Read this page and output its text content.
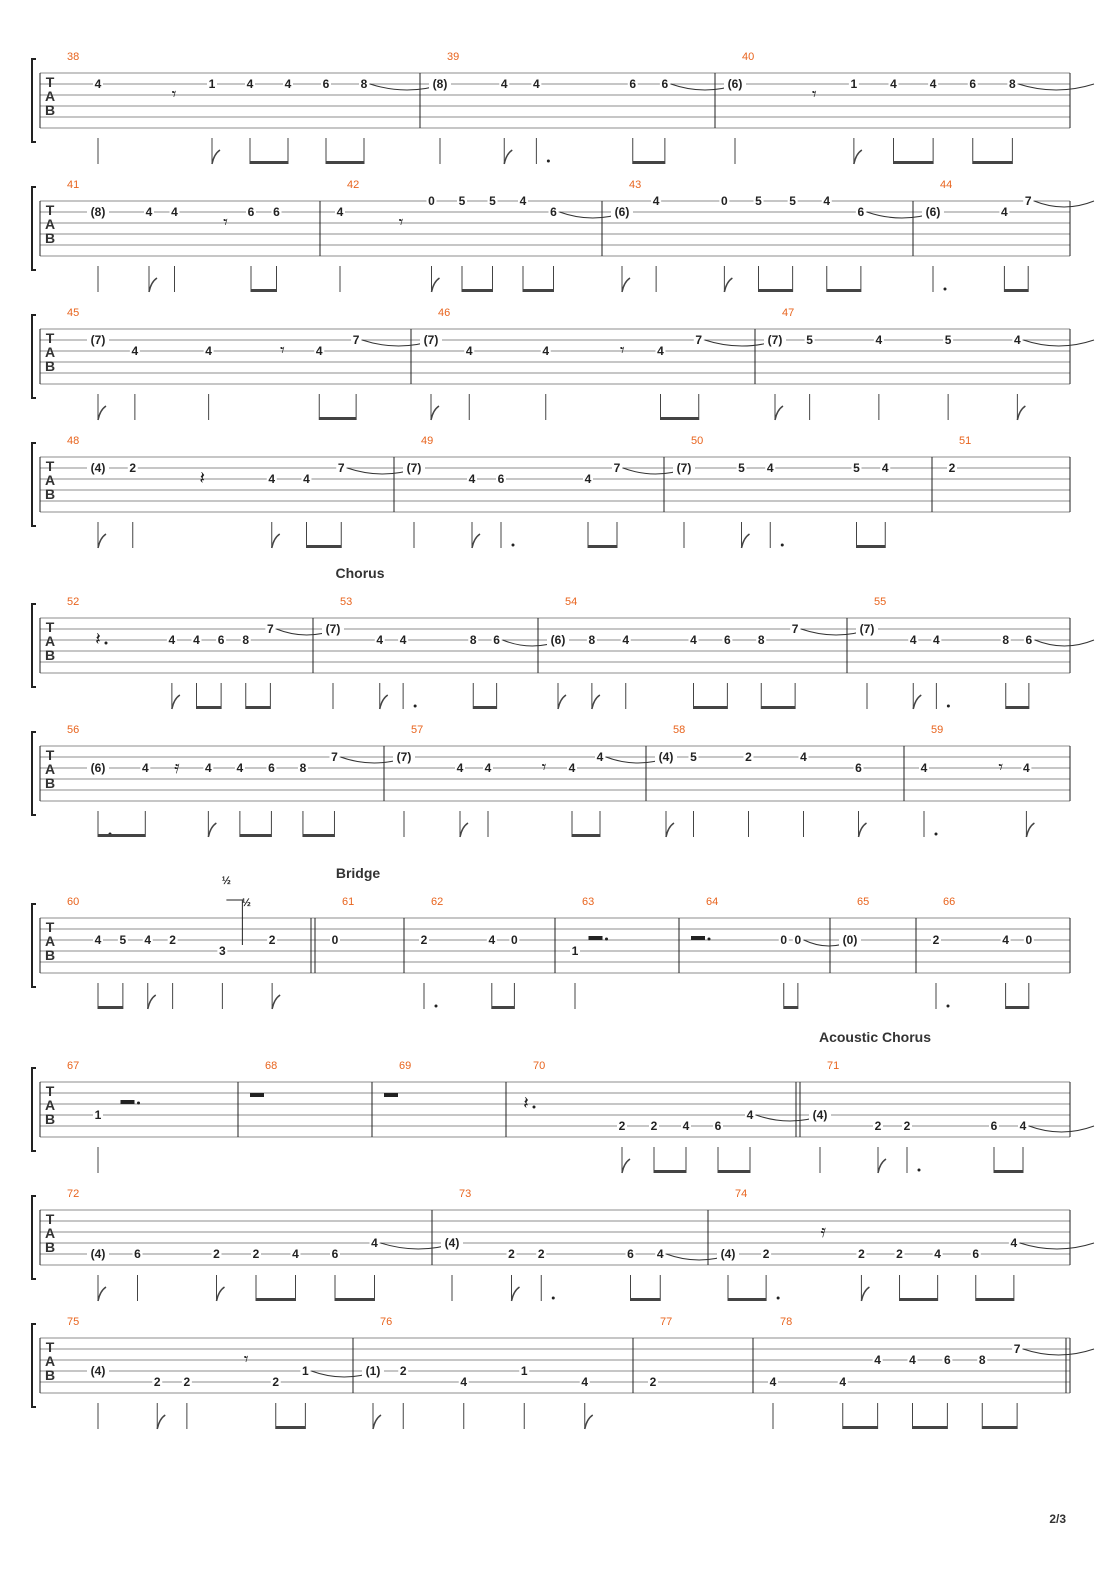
T
A
B
38
4	𝄾	1	4	4	6	8
39
(8)	4 4	6 6
40
(6)	𝄾	1	4	4	6	8
T
A
B
41
(8)	4 4	𝄾 6 6
42
4	𝄾
0 5 5 4
6
43
(6)
4	0 5 5 4
6
44
(6)	4
7
T
A
B
45
(7)
4	4	𝄾	4
7
46
(7)
4	4	𝄾	4
7
47
(7) 5	4	5	4
T
A
B
48
(4) 2	𝄽	4 4
7
49
(7)
4 6	4
7
50
(7)	5 4	5 4
51
2
T
A
B
52
𝄽	4 4 6 8
7
53
(7)
4 4	8 6
54
(6) 8 4	4 6 8
7
55
(7)
4 4	8 6
T
A
B
56
(6)	4 𝄿 4 4 6 8
7
57
(7)
4 4	𝄾 4
4
58
(4) 5	2	4
6
59
4	𝄾 4
T
A
B
60
4 5 4 2
3
½
½
2
61
0
62
2	4 0
63
1
64
0 0
65
(0)
66
2	4 0
T
A
B
67
1
68	69	70
𝄽
2 2 4 6
4
71
(4)
2 2	6 4
T
A
B
72
(4) 6	2	2	4	6
4
73
(4)
2 2	6 4
74
(4) 2
𝄿
2	2	4	6
4
T
A
B
75
(4)
2 2
𝄾
2
1
76
(1) 2
4
1
4
77
2
78
4	4
4 4 6 8
7
Chorus
Bridge
Acoustic Chorus
2/3
